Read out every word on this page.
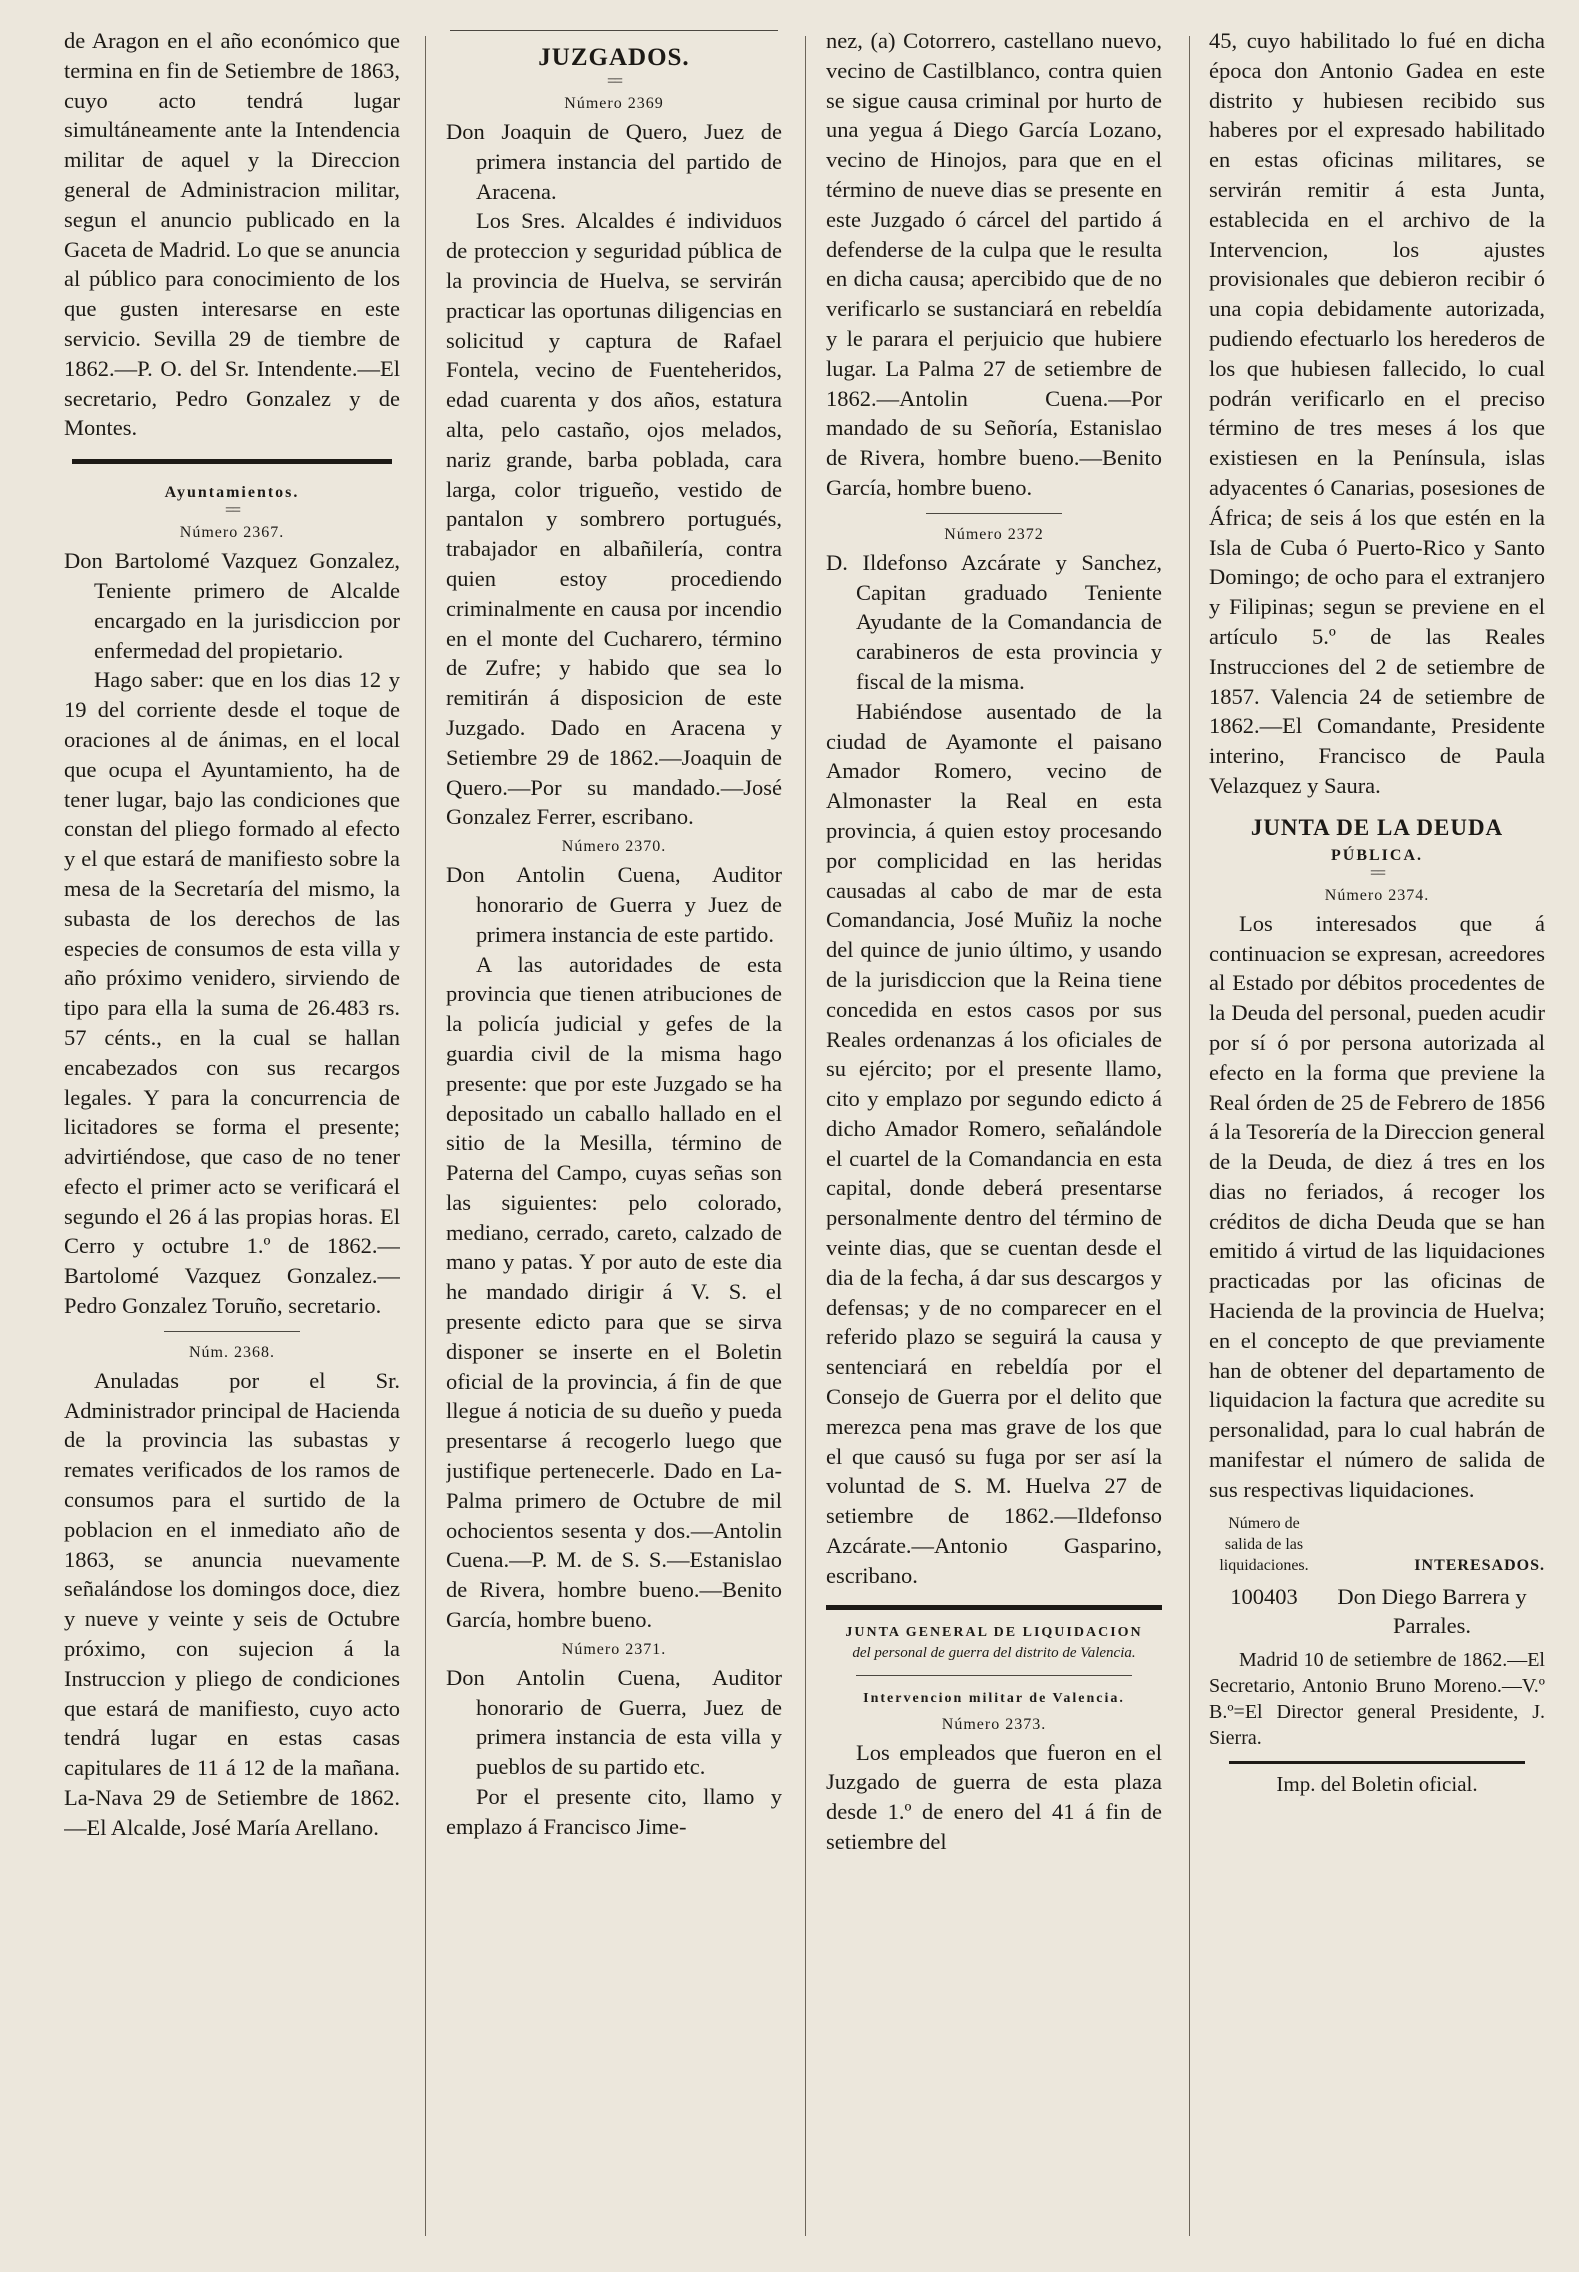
de Aragon en el año económico que termina en fin de Setiembre de 1863, cuyo acto tendrá lugar simultáneamente ante la Intendencia militar de aquel y la Direccion general de Administracion militar, segun el anuncio publicado en la Gaceta de Madrid. Lo que se anuncia al público para conocimiento de los que gusten interesarse en este servicio. Sevilla 29 de tiembre de 1862.—P. O. del Sr. Intendente.—El secretario, Pedro Gonzalez y de Montes.

Ayuntamientos.
==
Número 2367.

Don Bartolomé Vazquez Gonzalez, Teniente primero de Alcalde encargado en la jurisdiccion por enfermedad del propietario.

Hago saber: que en los dias 12 y 19 del corriente desde el toque de oraciones al de ánimas, en el local que ocupa el Ayuntamiento, ha de tener lugar, bajo las condiciones que constan del pliego formado al efecto y el que estará de manifiesto sobre la mesa de la Secretaría del mismo, la subasta de los derechos de las especies de consumos de esta villa y año próximo venidero, sirviendo de tipo para ella la suma de 26.483 rs. 57 cénts., en la cual se hallan encabezados con sus recargos legales. Y para la concurrencia de licitadores se forma el presente; advirtiéndose, que caso de no tener efecto el primer acto se verificará el segundo el 26 á las propias horas. El Cerro y octubre 1.º de 1862.—Bartolomé Vazquez Gonzalez.—Pedro Gonzalez Toruño, secretario.

Núm. 2368.

Anuladas por el Sr. Administrador principal de Hacienda de la provincia las subastas y remates verificados de los ramos de consumos para el surtido de la poblacion en el inmediato año de 1863, se anuncia nuevamente señalándose los domingos doce, diez y nueve y veinte y seis de Octubre próximo, con sujecion á la Instruccion y pliego de condiciones que estará de manifiesto, cuyo acto tendrá lugar en estas casas capitulares de 11 á 12 de la mañana. La-Nava 29 de Setiembre de 1862.—El Alcalde, José María Arellano.

JUZGADOS.
==
Número 2369

Don Joaquin de Quero, Juez de primera instancia del partido de Aracena.

Los Sres. Alcaldes é individuos de proteccion y seguridad pública de la provincia de Huelva, se servirán practicar las oportunas diligencias en solicitud y captura de Rafael Fontela, vecino de Fuenteheridos, edad cuarenta y dos años, estatura alta, pelo castaño, ojos melados, nariz grande, barba poblada, cara larga, color trigueño, vestido de pantalon y sombrero portugués, trabajador en albañilería, contra quien estoy procediendo criminalmente en causa por incendio en el monte del Cucharero, término de Zufre; y habido que sea lo remitirán á disposicion de este Juzgado. Dado en Aracena y Setiembre 29 de 1862.—Joaquin de Quero.—Por su mandado.—José Gonzalez Ferrer, escribano.

Número 2370.

Don Antolin Cuena, Auditor honorario de Guerra y Juez de primera instancia de este partido.

A las autoridades de esta provincia que tienen atribuciones de la policía judicial y gefes de la guardia civil de la misma hago presente: que por este Juzgado se ha depositado un caballo hallado en el sitio de la Mesilla, término de Paterna del Campo, cuyas señas son las siguientes: pelo colorado, mediano, cerrado, careto, calzado de mano y patas. Y por auto de este dia he mandado dirigir á V. S. el presente edicto para que se sirva disponer se inserte en el Boletin oficial de la provincia, á fin de que llegue á noticia de su dueño y pueda presentarse á recogerlo luego que justifique pertenecerle. Dado en La-Palma primero de Octubre de mil ochocientos sesenta y dos.—Antolin Cuena.—P. M. de S. S.—Estanislao de Rivera, hombre bueno.—Benito García, hombre bueno.

Número 2371.

Don Antolin Cuena, Auditor honorario de Guerra, Juez de primera instancia de esta villa y pueblos de su partido etc.

Por el presente cito, llamo y emplazo á Francisco Jime-

nez, (a) Cotorrero, castellano nuevo, vecino de Castilblanco, contra quien se sigue causa criminal por hurto de una yegua á Diego García Lozano, vecino de Hinojos, para que en el término de nueve dias se presente en este Juzgado ó cárcel del partido á defenderse de la culpa que le resulta en dicha causa; apercibido que de no verificarlo se sustanciará en rebeldía y le parara el perjuicio que hubiere lugar. La Palma 27 de setiembre de 1862.—Antolin Cuena.—Por mandado de su Señoría, Estanislao de Rivera, hombre bueno.—Benito García, hombre bueno.

Número 2372

D. Ildefonso Azcárate y Sanchez, Capitan graduado Teniente Ayudante de la Comandancia de carabineros de esta provincia y fiscal de la misma.

Habiéndose ausentado de la ciudad de Ayamonte el paisano Amador Romero, vecino de Almonaster la Real en esta provincia, á quien estoy procesando por complicidad en las heridas causadas al cabo de mar de esta Comandancia, José Muñiz la noche del quince de junio último, y usando de la jurisdiccion que la Reina tiene concedida en estos casos por sus Reales ordenanzas á los oficiales de su ejército; por el presente llamo, cito y emplazo por segundo edicto á dicho Amador Romero, señalándole el cuartel de la Comandancia en esta capital, donde deberá presentarse personalmente dentro del término de veinte dias, que se cuentan desde el dia de la fecha, á dar sus descargos y defensas; y de no comparecer en el referido plazo se seguirá la causa y sentenciará en rebeldía por el Consejo de Guerra por el delito que merezca pena mas grave de los que el que causó su fuga por ser así la voluntad de S. M. Huelva 27 de setiembre de 1862.—Ildefonso Azcárate.—Antonio Gasparino, escribano.

JUNTA GENERAL DE LIQUIDACION
del personal de guerra del distrito de Valencia.
Intervencion militar de Valencia.
Número 2373.

Los empleados que fueron en el Juzgado de guerra de esta plaza desde 1.º de enero del 41 á fin de setiembre del

45, cuyo habilitado lo fué en dicha época don Antonio Gadea en este distrito y hubiesen recibido sus haberes por el expresado habilitado en estas oficinas militares, se servirán remitir á esta Junta, establecida en el archivo de la Intervencion, los ajustes provisionales que debieron recibir ó una copia debidamente autorizada, pudiendo efectuarlo los herederos de los que hubiesen fallecido, lo cual podrán verificarlo en el preciso término de tres meses á los que existiesen en la Península, islas adyacentes ó Canarias, posesiones de África; de seis á los que estén en la Isla de Cuba ó Puerto-Rico y Santo Domingo; de ocho para el extranjero y Filipinas; segun se previene en el artículo 5.º de las Reales Instrucciones del 2 de setiembre de 1857. Valencia 24 de setiembre de 1862.—El Comandante, Presidente interino, Francisco de Paula Velazquez y Saura.

JUNTA DE LA DEUDA
PÚBLICA.
==
Número 2374.

Los interesados que á continuacion se expresan, acreedores al Estado por débitos procedentes de la Deuda del personal, pueden acudir por sí ó por persona autorizada al efecto en la forma que previene la Real órden de 25 de Febrero de 1856 á la Tesorería de la Direccion general de la Deuda, de diez á tres en los dias no feriados, á recoger los créditos de dicha Deuda que se han emitido á virtud de las liquidaciones practicadas por las oficinas de Hacienda de la provincia de Huelva; en el concepto de que previamente han de obtener del departamento de liquidacion la factura que acredite su personalidad, para lo cual habrán de manifestar el número de salida de sus respectivas liquidaciones.

Número de salida de las liquidaciones.	INTERESADOS.
100403	Don Diego Barrera y Parrales.

Madrid 10 de setiembre de 1862.—El Secretario, Antonio Bruno Moreno.—V.º B.º=El Director general Presidente, J. Sierra.

Imp. del Boletin oficial.
